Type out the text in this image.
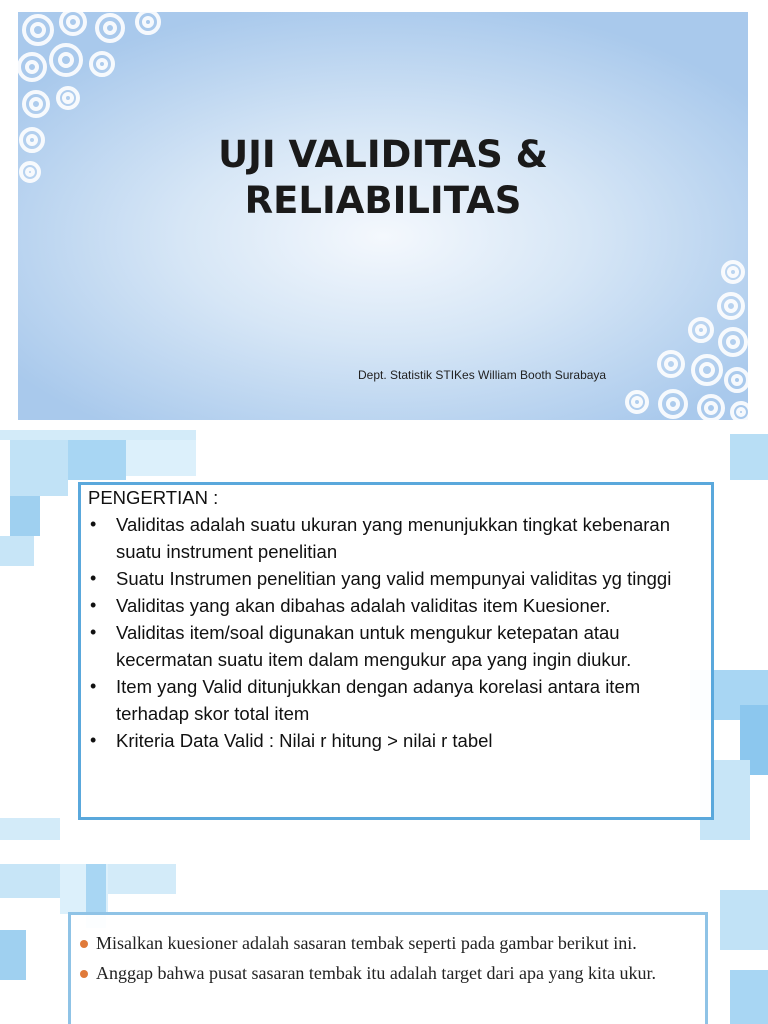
UJI VALIDITAS &
RELIABILITAS
Dept. Statistik STIKes William Booth Surabaya
PENGERTIAN :
• Validitas adalah suatu ukuran yang menunjukkan tingkat kebenaran suatu instrument penelitian
• Suatu Instrumen penelitian yang valid mempunyai validitas yg tinggi
• Validitas yang akan dibahas adalah validitas item Kuesioner.
• Validitas item/soal digunakan untuk mengukur ketepatan atau kecermatan suatu item dalam mengukur apa yang ingin diukur.
• Item yang Valid ditunjukkan dengan adanya korelasi antara item terhadap skor total item
• Kriteria Data Valid : Nilai r hitung > nilai r tabel
Misalkan kuesioner adalah sasaran tembak seperti pada gambar berikut ini.
Anggap bahwa pusat sasaran tembak itu adalah target dari apa yang kita ukur.
